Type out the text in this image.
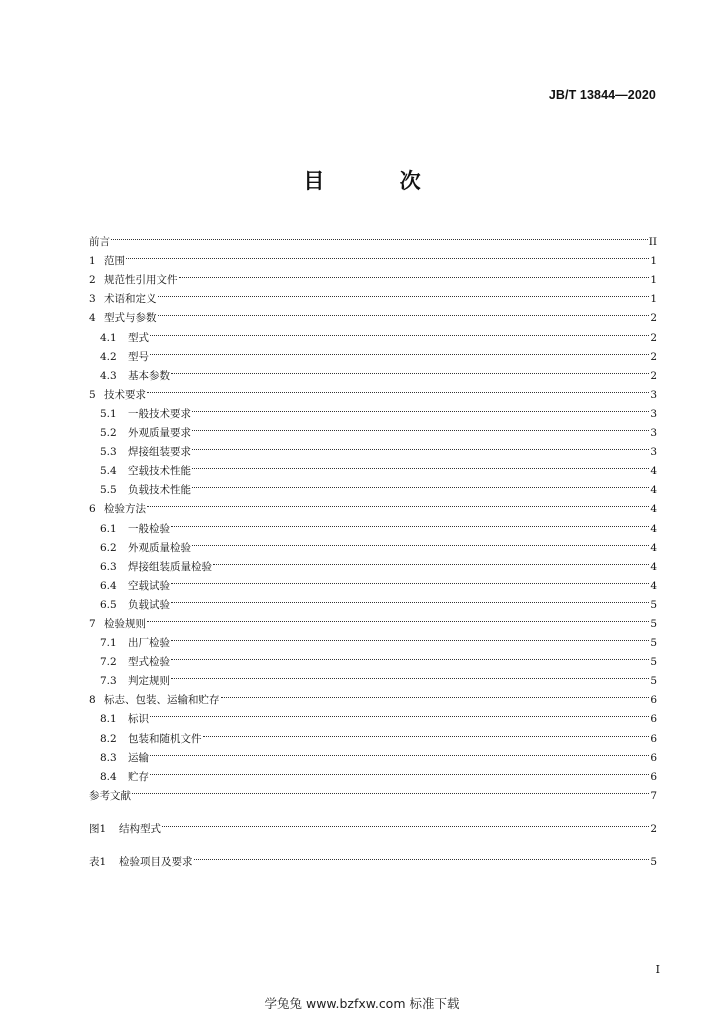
JB/T 13844—2020
目 次
前言	II
1 范围	1
2 规范性引用文件	1
3 术语和定义	1
4 型式与参数	2
4.1	型式	2
4.2	型号	2
4.3	基本参数	2
5 技术要求	3
5.1	一般技术要求	3
5.2	外观质量要求	3
5.3	焊接组装要求	3
5.4	空载技术性能	4
5.5	负载技术性能	4
6 检验方法	4
6.1	一般检验	4
6.2	外观质量检验	4
6.3	焊接组装质量检验	4
6.4	空载试验	4
6.5	负载试验	5
7 检验规则	5
7.1	出厂检验	5
7.2	型式检验	5
7.3	判定规则	5
8 标志、包装、运输和贮存	6
8.1	标识	6
8.2	包装和随机文件	6
8.3	运输	6
8.4	贮存	6
参考文献	7
图1	结构型式	2
表1	检验项目及要求	5
I
学兔兔 www.bzfxw.com 标准下载
